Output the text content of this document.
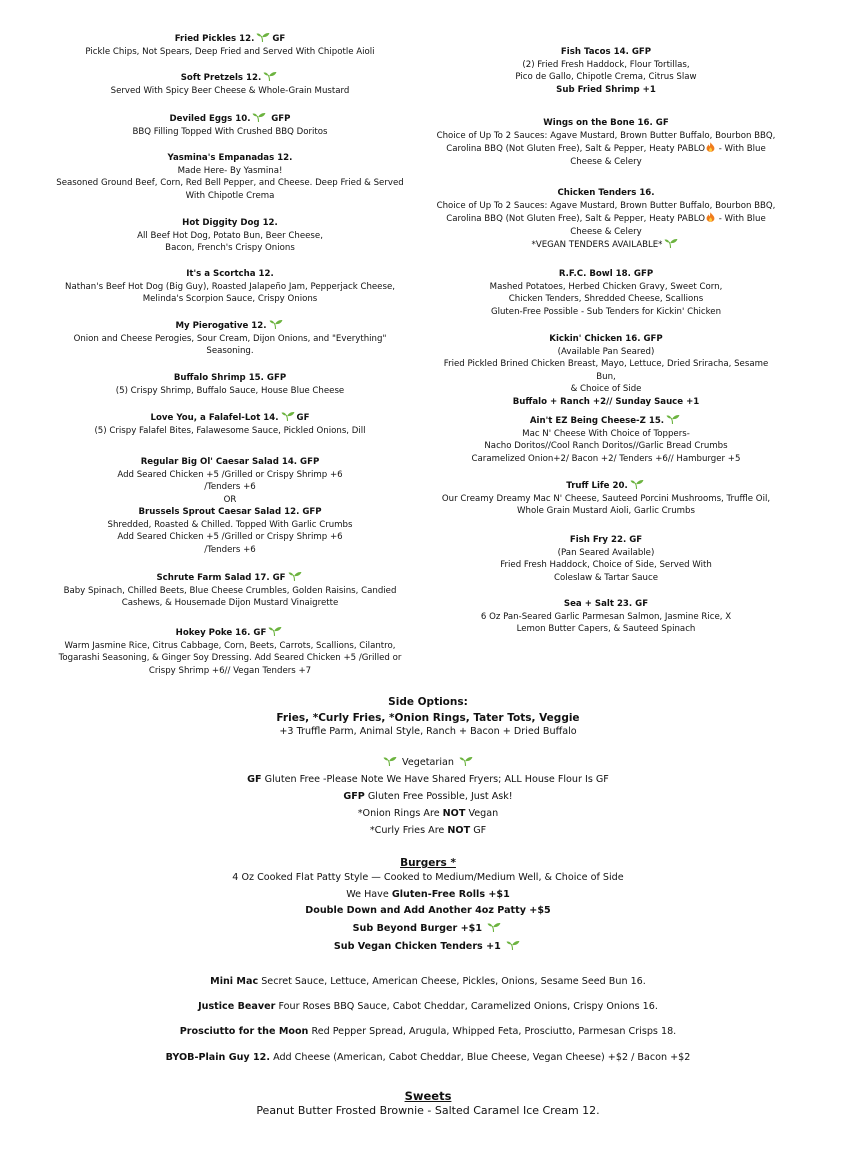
Fried Pickles 12. GF
Pickle Chips, Not Spears, Deep Fried and Served With Chipotle Aioli
Soft Pretzels 12.
Served With Spicy Beer Cheese & Whole-Grain Mustard
Deviled Eggs 10. GFP
BBQ Filling Topped With Crushed BBQ Doritos
Yasmina's Empanadas 12.
Made Here- By Yasmina!
Seasoned Ground Beef, Corn, Red Bell Pepper, and Cheese. Deep Fried & Served With Chipotle Crema
Hot Diggity Dog 12.
All Beef Hot Dog, Potato Bun, Beer Cheese,
Bacon, French's Crispy Onions
It's a Scortcha 12.
Nathan's Beef Hot Dog (Big Guy), Roasted Jalapeño Jam, Pepperjack Cheese,
Melinda's Scorpion Sauce, Crispy Onions
My Pierogative 12.
Onion and Cheese Perogies, Sour Cream, Dijon Onions, and "Everything"
Seasoning.
Buffalo Shrimp 15. GFP
(5) Crispy Shrimp, Buffalo Sauce, House Blue Cheese
Love You, a Falafel-Lot 14. GF
(5) Crispy Falafel Bites, Falawesome Sauce, Pickled Onions, Dill
Regular Big Ol' Caesar Salad 14. GFP
Add Seared Chicken +5 /Grilled or Crispy Shrimp +6
/Tenders +6
OR
Brussels Sprout Caesar Salad 12. GFP
Shredded, Roasted & Chilled. Topped With Garlic Crumbs
Add Seared Chicken +5 /Grilled or Crispy Shrimp +6
/Tenders +6
Schrute Farm Salad 17. GF
Baby Spinach, Chilled Beets, Blue Cheese Crumbles, Golden Raisins, Candied
Cashews, & Housemade Dijon Mustard Vinaigrette
Hokey Poke 16. GF
Warm Jasmine Rice, Citrus Cabbage, Corn, Beets, Carrots, Scallions, Cilantro,
Togarashi Seasoning, & Ginger Soy Dressing. Add Seared Chicken +5 /Grilled or
Crispy Shrimp +6// Vegan Tenders +7
Fish Tacos 14. GFP
(2) Fried Fresh Haddock, Flour Tortillas,
Pico de Gallo, Chipotle Crema, Citrus Slaw
Sub Fried Shrimp +1
Wings on the Bone 16. GF
Choice of Up To 2 Sauces: Agave Mustard, Brown Butter Buffalo, Bourbon BBQ,
Carolina BBQ (Not Gluten Free), Salt & Pepper, Heaty PABLO
- With Blue
Cheese & Celery
Chicken Tenders 16.
Choice of Up To 2 Sauces: Agave Mustard, Brown Butter Buffalo, Bourbon BBQ,
Carolina BBQ (Not Gluten Free), Salt & Pepper, Heaty PABLO
- With Blue
Cheese & Celery
*VEGAN TENDERS AVAILABLE*
R.F.C. Bowl 18. GFP
Mashed Potatoes, Herbed Chicken Gravy, Sweet Corn,
Chicken Tenders, Shredded Cheese, Scallions
Gluten-Free Possible - Sub Tenders for Kickin' Chicken
Kickin' Chicken 16. GFP
(Available Pan Seared)
Fried Pickled Brined Chicken Breast, Mayo, Lettuce, Dried Sriracha, Sesame Bun,
& Choice of Side
Buffalo + Ranch +2// Sunday Sauce +1
Ain't EZ Being Cheese-Z 15.
Mac N' Cheese With Choice of Toppers-
Nacho Doritos//Cool Ranch Doritos//Garlic Bread Crumbs
Caramelized Onion+2/ Bacon +2/ Tenders +6// Hamburger +5
Truff Life 20.
Our Creamy Dreamy Mac N' Cheese, Sauteed Porcini Mushrooms, Truffle Oil,
Whole Grain Mustard Aioli, Garlic Crumbs
Fish Fry 22. GF
(Pan Seared Available)
Fried Fresh Haddock, Choice of Side, Served With
Coleslaw & Tartar Sauce
Sea + Salt 23. GF
6 Oz Pan-Seared Garlic Parmesan Salmon, Jasmine Rice, X
Lemon Butter Capers, & Sauteed Spinach
Side Options:
Fries, *Curly Fries, *Onion Rings, Tater Tots, Veggie
+3 Truffle Parm, Animal Style, Ranch + Bacon + Dried Buffalo
Vegetarian
GF Gluten Free -Please Note We Have Shared Fryers; ALL House Flour Is GF
GFP Gluten Free Possible, Just Ask!
*Onion Rings Are NOT Vegan
*Curly Fries Are NOT GF
Burgers *
4 Oz Cooked Flat Patty Style — Cooked to Medium/Medium Well, & Choice of Side
We Have Gluten-Free Rolls +$1
Double Down and Add Another 4oz Patty +$5
Sub Beyond Burger +$1
Sub Vegan Chicken Tenders +1
Mini Mac Secret Sauce, Lettuce, American Cheese, Pickles, Onions, Sesame Seed Bun 16.
Justice Beaver Four Roses BBQ Sauce, Cabot Cheddar, Caramelized Onions, Crispy Onions 16.
Prosciutto for the Moon Red Pepper Spread, Arugula, Whipped Feta, Prosciutto, Parmesan Crisps 18.
BYOB-Plain Guy 12. Add Cheese (American, Cabot Cheddar, Blue Cheese, Vegan Cheese) +$2 / Bacon +$2
Sweets
Peanut Butter Frosted Brownie - Salted Caramel Ice Cream 12.
